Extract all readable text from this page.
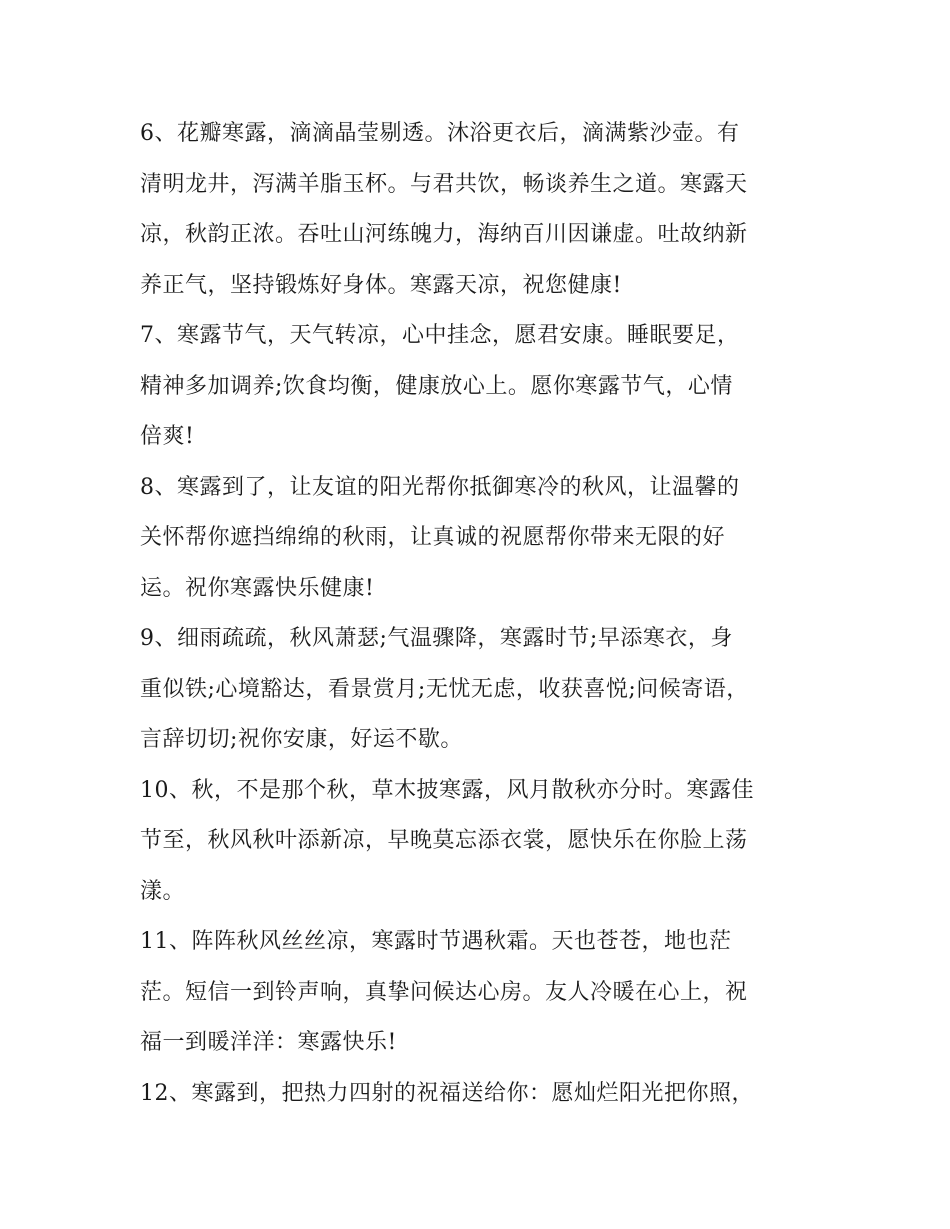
6、花瓣寒露，滴滴晶莹剔透。沐浴更衣后，滴满紫沙壶。有
清明龙井，泻满羊脂玉杯。与君共饮，畅谈养生之道。寒露天
凉，秋韵正浓。吞吐山河练魄力，海纳百川因谦虚。吐故纳新
养正气，坚持锻炼好身体。寒露天凉，祝您健康!
7、寒露节气，天气转凉，心中挂念，愿君安康。睡眠要足，
精神多加调养;饮食均衡，健康放心上。愿你寒露节气，心情
倍爽!
8、寒露到了，让友谊的阳光帮你抵御寒冷的秋风，让温馨的
关怀帮你遮挡绵绵的秋雨，让真诚的祝愿帮你带来无限的好
运。祝你寒露快乐健康!
9、细雨疏疏，秋风萧瑟;气温骤降，寒露时节;早添寒衣，身
重似铁;心境豁达，看景赏月;无忧无虑，收获喜悦;问候寄语，
言辞切切;祝你安康，好运不歇。
10、秋，不是那个秋，草木披寒露，风月散秋亦分时。寒露佳
节至，秋风秋叶添新凉，早晚莫忘添衣裳，愿快乐在你脸上荡
漾。
11、阵阵秋风丝丝凉，寒露时节遇秋霜。天也苍苍，地也茫
茫。短信一到铃声响，真挚问候达心房。友人冷暖在心上，祝
福一到暖洋洋：寒露快乐!
12、寒露到，把热力四射的祝福送给你：愿灿烂阳光把你照，
